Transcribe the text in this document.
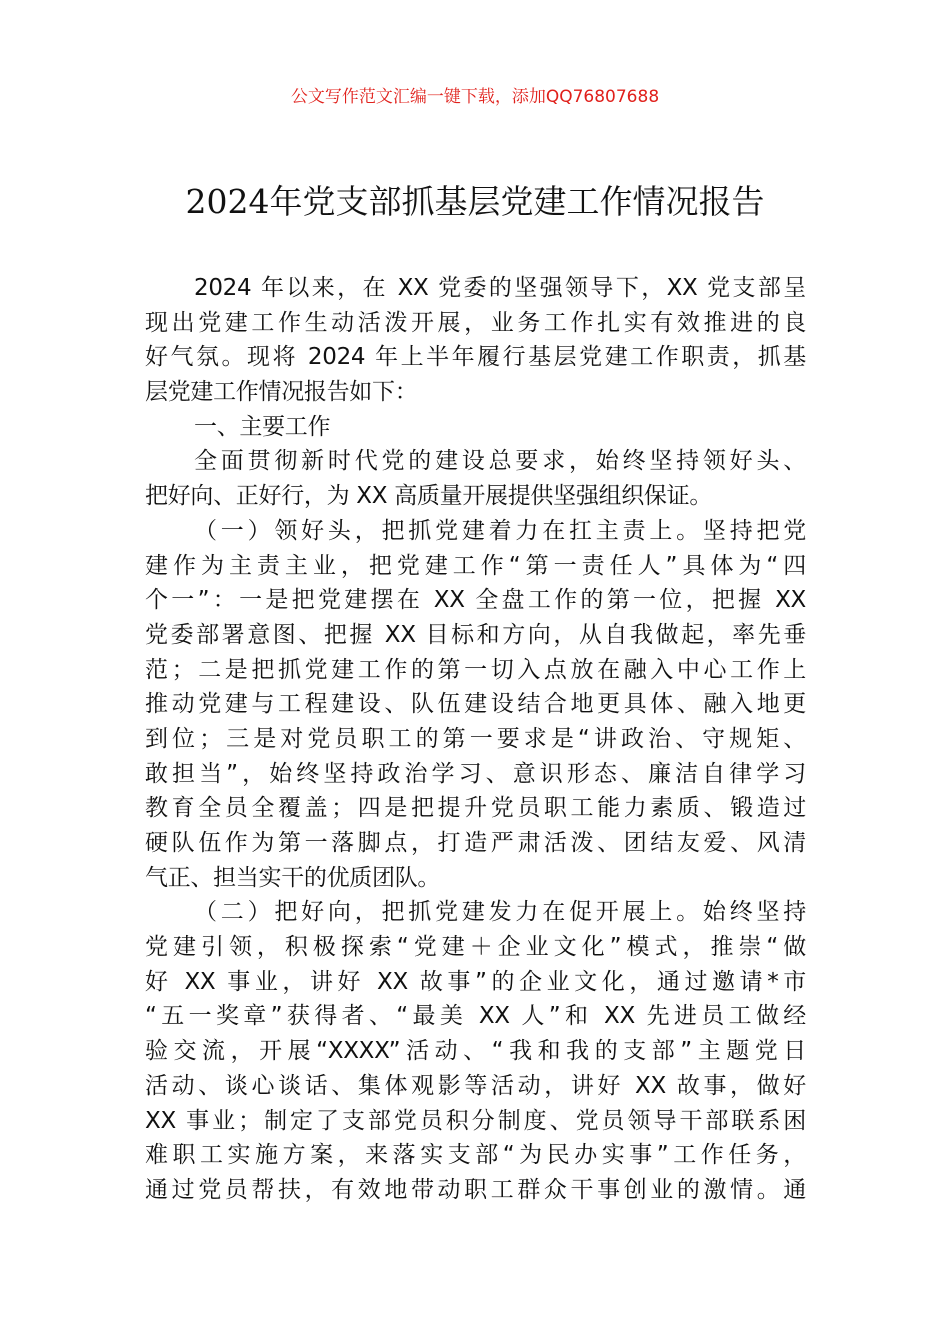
公文写作范文汇编一键下载，添加QQ76807688
2024年党支部抓基层党建工作情况报告
2024 年以来，在 XX 党委的坚强领导下，XX 党支部呈
现出党建工作生动活泼开展，业务工作扎实有效推进的良
好气氛。现将 2024 年上半年履行基层党建工作职责，抓基
层党建工作情况报告如下：
一、主要工作
全面贯彻新时代党的建设总要求，始终坚持领好头、
把好向、正好行，为 XX 高质量开展提供坚强组织保证。
（一）领好头，把抓党建着力在扛主责上。坚持把党
建作为主责主业，把党建工作“第一责任人”具体为“四
个一”：一是把党建摆在 XX 全盘工作的第一位，把握 XX
党委部署意图、把握 XX 目标和方向，从自我做起，率先垂
范；二是把抓党建工作的第一切入点放在融入中心工作上
推动党建与工程建设、队伍建设结合地更具体、融入地更
到位；三是对党员职工的第一要求是“讲政治、守规矩、
敢担当”，始终坚持政治学习、意识形态、廉洁自律学习
教育全员全覆盖；四是把提升党员职工能力素质、锻造过
硬队伍作为第一落脚点，打造严肃活泼、团结友爱、风清
气正、担当实干的优质团队。
（二）把好向，把抓党建发力在促开展上。始终坚持
党建引领，积极探索“党建＋企业文化”模式，推崇“做
好 XX 事业，讲好 XX 故事”的企业文化，通过邀请*市
“五一奖章”获得者、“最美 XX 人”和 XX 先进员工做经
验交流，开展“XXXX”活动、“我和我的支部”主题党日
活动、谈心谈话、集体观影等活动，讲好 XX 故事，做好
XX 事业；制定了支部党员积分制度、党员领导干部联系困
难职工实施方案，来落实支部“为民办实事”工作任务，
通过党员帮扶，有效地带动职工群众干事创业的激情。通
